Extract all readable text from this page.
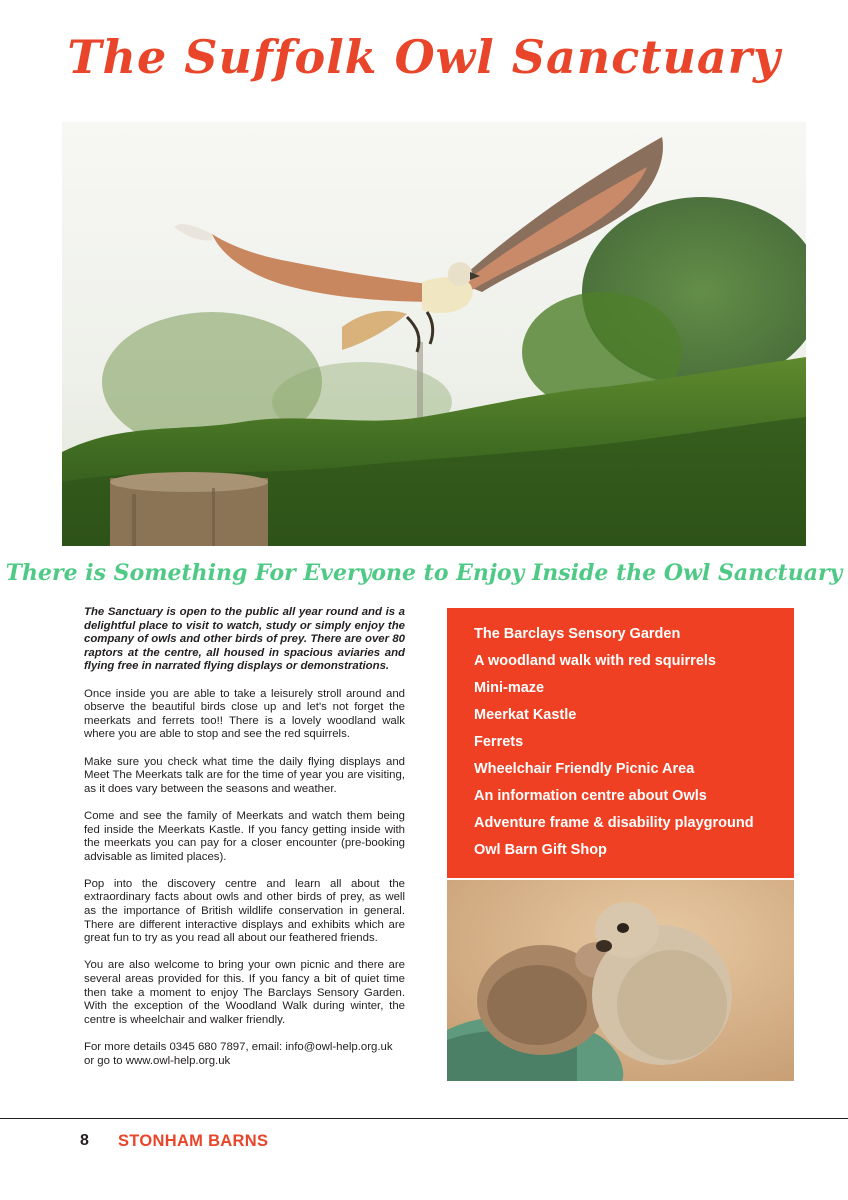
The Suffolk Owl Sanctuary
There is Something For Everyone to Enjoy Inside the Owl Sanctuary

The Sanctuary is open to the public all year round and is a delightful place to visit to watch, study or simply enjoy the company of owls and other birds of prey. There are over 80 raptors at the centre, all housed in spacious aviaries and flying free in narrated flying displays or demonstrations.

Once inside you are able to take a leisurely stroll around and observe the beautiful birds close up and let's not forget the meerkats and ferrets too!! There is a lovely woodland walk where you are able to stop and see the red squirrels.

Make sure you check what time the daily flying displays and Meet The Meerkats talk are for the time of year you are visiting, as it does vary between the seasons and weather.

Come and see the family of Meerkats and watch them being fed inside the Meerkats Kastle. If you fancy getting inside with the meerkats you can pay for a closer encounter (pre-booking advisable as limited places).

Pop into the discovery centre and learn all about the extraordinary facts about owls and other birds of prey, as well as the importance of British wildlife conservation in general. There are different interactive displays and exhibits which are great fun to try as you read all about our feathered friends.

You are also welcome to bring your own picnic and there are several areas provided for this. If you fancy a bit of quiet time then take a moment to enjoy The Barclays Sensory Garden. With the exception of the Woodland Walk during winter, the centre is wheelchair and walker friendly.

For more details 0345 680 7897, email: info@owl-help.org.uk or go to www.owl-help.org.uk

The Barclays Sensory Garden
A woodland walk with red squirrels
Mini-maze
Meerkat Kastle
Ferrets
Wheelchair Friendly Picnic Area
An information centre about Owls
Adventure frame & disability playground
Owl Barn Gift Shop
8 STONHAM BARNS
